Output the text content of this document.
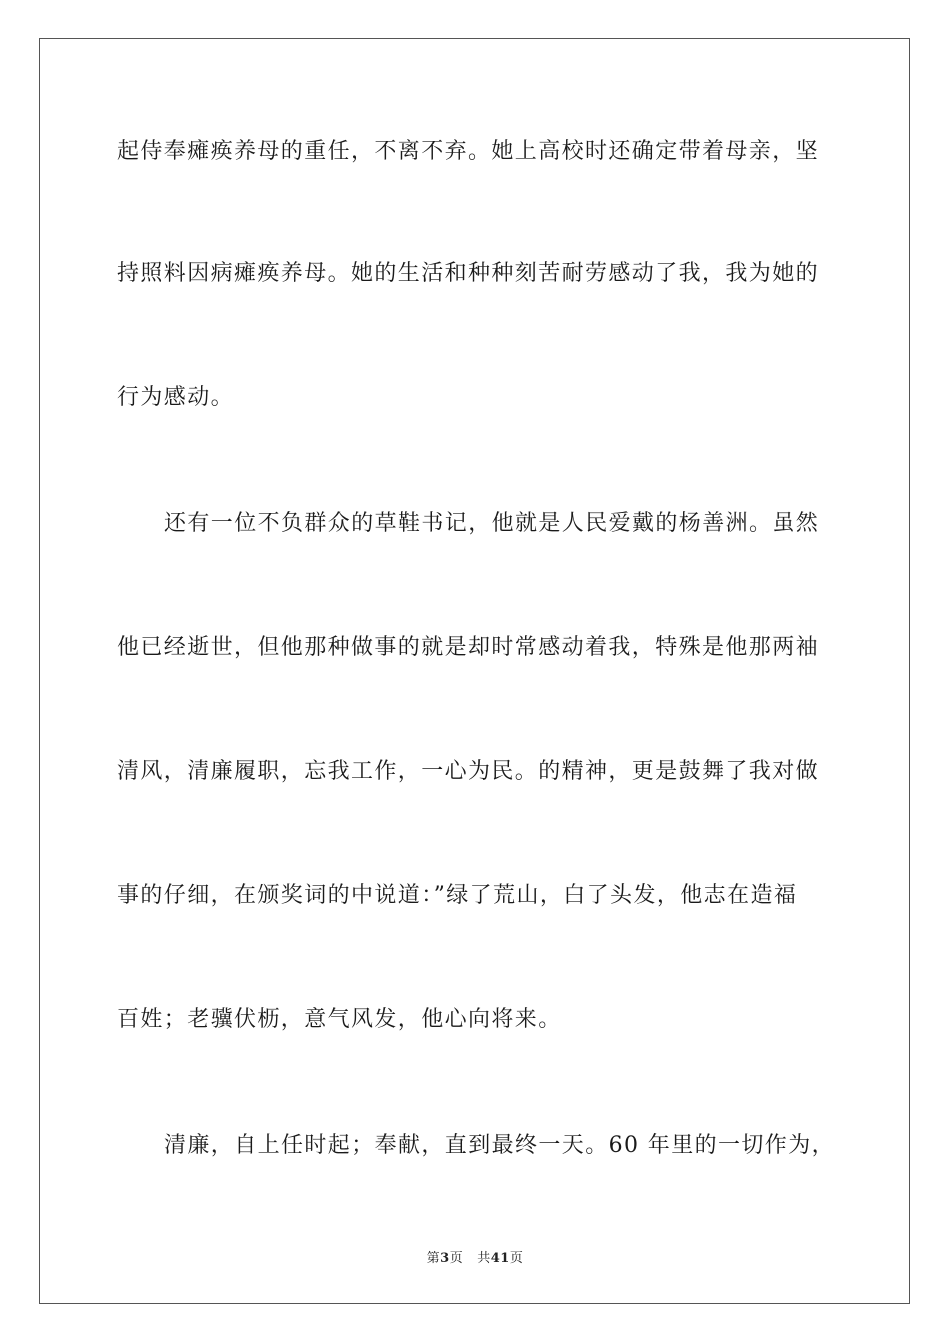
起侍奉瘫痪养母的重任，不离不弃。她上高校时还确定带着母亲，坚
持照料因病瘫痪养母。她的生活和种种刻苦耐劳感动了我，我为她的
行为感动。
还有一位不负群众的草鞋书记，他就是人民爱戴的杨善洲。虽然
他已经逝世，但他那种做事的就是却时常感动着我，特殊是他那两袖
清风，清廉履职，忘我工作，一心为民。的精神，更是鼓舞了我对做
事的仔细，在颁奖词的中说道：”绿了荒山，白了头发，他志在造福
百姓；老骥伏枥，意气风发，他心向将来。
清廉，自上任时起；奉献，直到最终一天。60 年里的一切作为，
第3页 共41页
